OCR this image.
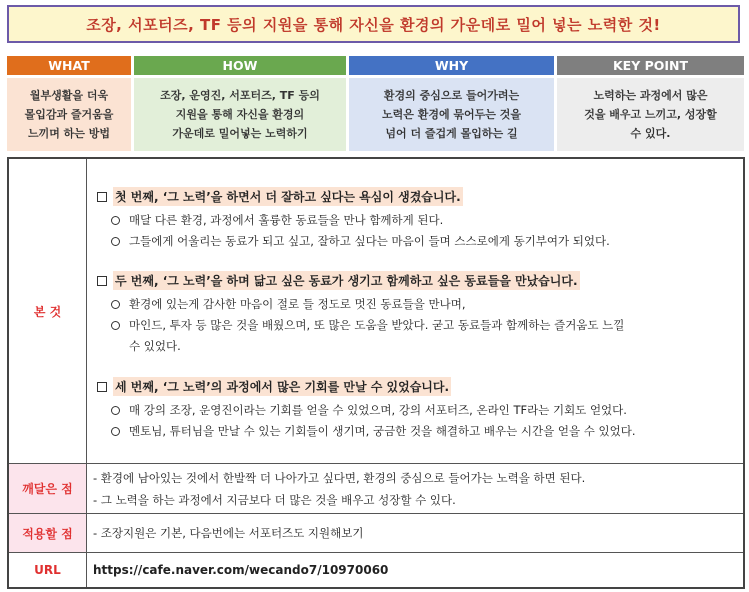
조장, 서포터즈, TF 등의 지원을 통해 자신을 환경의 가운데로 밀어 넣는 노력한 것!
WHAT
월부생활을 더욱
몰입감과 즐거움을
느끼며 하는 방법
HOW
조장, 운영진, 서포터즈, TF 등의
지원을 통해 자신을 환경의
가운데로 밀어넣는 노력하기
WHY
환경의 중심으로 들어가려는
노력은 환경에 묶어두는 것을
넘어 더 즐겁게 몰입하는 길
KEY POINT
노력하는 과정에서 많은
것을 배우고 느끼고, 성장할
수 있다.
본 것
첫 번째, ‘그 노력’을 하면서 더 잘하고 싶다는 욕심이 생겼습니다.
매달 다른 환경, 과정에서 훌륭한 동료들을 만나 함께하게 된다.
그들에게 어울리는 동료가 되고 싶고, 잘하고 싶다는 마음이 들며 스스로에게 동기부여가 되었다.
두 번째, ‘그 노력’을 하며 닮고 싶은 동료가 생기고 함께하고 싶은 동료들을 만났습니다.
환경에 있는게 감사한 마음이 절로 들 정도로 멋진 동료들을 만나며,
마인드, 투자 등 많은 것을 배웠으며, 또 많은 도움을 받았다. 굳고 동료들과 함께하는 즐거움도 느낄
수 있었다.
세 번째, ‘그 노력’의 과정에서 많은 기회를 만날 수 있었습니다.
매 강의 조장, 운영진이라는 기회를 얻을 수 있었으며, 강의 서포터즈, 온라인 TF라는 기회도 얻었다.
멘토님, 튜터님을 만날 수 있는 기회들이 생기며, 궁금한 것을 해결하고 배우는 시간을 얻을 수 있었다.
깨달은 점
- 환경에 남아있는 것에서 한발짝 더 나아가고 싶다면, 환경의 중심으로 들어가는 노력을 하면 된다.
- 그 노력을 하는 과정에서 지금보다 더 많은 것을 배우고 성장할 수 있다.
적용할 점	- 조장지원은 기본, 다음번에는 서포터즈도 지원해보기
URL	https://cafe.naver.com/wecando7/10970060
